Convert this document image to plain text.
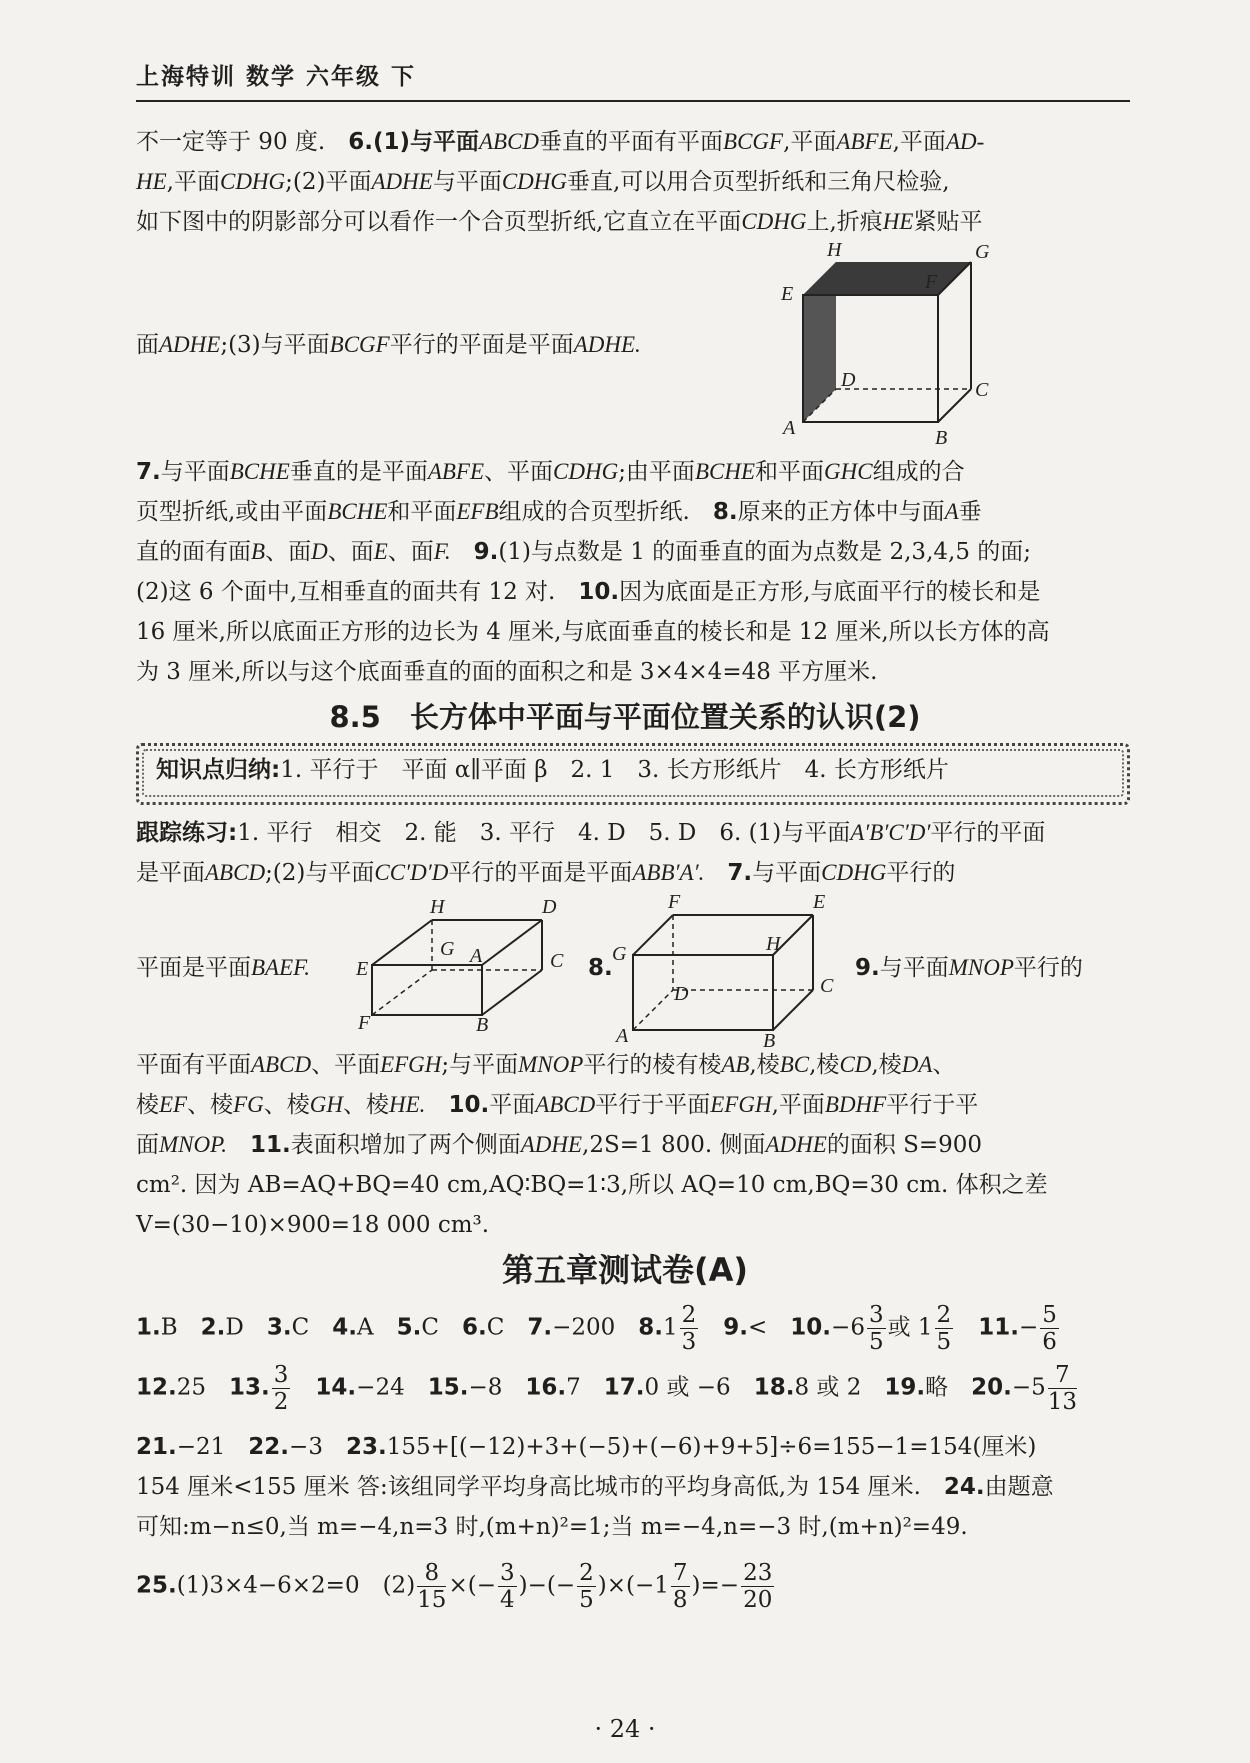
上海特训 数学 六年级 下
不一定等于 90 度.　 6.(1)与平面ABCD垂直的平面有平面BCGF,平面ABFE,平面AD-
HE,平面CDHG;(2)平面ADHE与平面CDHG垂直,可以用合页型折纸和三角尺检验,
如下图中的阴影部分可以看作一个合页型折纸,它直立在平面CDHG上,折痕HE紧贴平
面ADHE;(3)与平面BCGF平行的平面是平面ADHE.
H	G
E
F
D	C
A	B
7.与平面BCHE垂直的是平面ABFE、平面CDHG;由平面BCHE和平面GHC组成的合
页型折纸,或由平面BCHE和平面EFB组成的合页型折纸.　 8.原来的正方体中与面A垂
直的面有面B、面D、面E、面F.　 9.(1)与点数是 1 的面垂直的面为点数是 2,3,4,5 的面;
(2)这 6 个面中,互相垂直的面共有 12 对.　 10.因为底面是正方形,与底面平行的棱长和是
16 厘米,所以底面正方形的边长为 4 厘米,与底面垂直的棱长和是 12 厘米,所以长方体的高
为 3 厘米,所以与这个底面垂直的面的面积之和是 3×4×4=48 平方厘米.
8.5　长方体中平面与平面位置关系的认识(2)
知识点归纳:1. 平行于　平面 α∥平面 β　2. 1　3. 长方形纸片　4. 长方形纸片
跟踪练习:1. 平行　相交　2. 能　3. 平行　4. D　5. D　6. (1)与平面A′B′C′D′平行的平面
是平面ABCD;(2)与平面CC′D′D平行的平面是平面ABB′A′.　 7.与平面CDHG平行的
平面是平面BAEF.	8.	9.与平面MNOP平行的
H	D
G A	C
E
F	B
F	E
G	H
D	C
A	B
平面有平面ABCD、平面EFGH;与平面MNOP平行的棱有棱AB,棱BC,棱CD,棱DA、
棱EF、棱FG、棱GH、棱HE.　 10.平面ABCD平行于平面EFGH,平面BDHF平行于平
面MNOP.　 11.表面积增加了两个侧面ADHE,2S=1 800. 侧面ADHE的面积 S=900
cm². 因为 AB=AQ+BQ=40 cm,AQ∶BQ=1∶3,所以 AQ=10 cm,BQ=30 cm. 体积之差
V=(30−10)×900=18 000 cm³.
第五章测试卷(A)
1.B　 2.D　 3.C　 4.A　 5.C　 6.C　 7.−200　 $8.1 \frac{2}{3}$
　 9.<　 $10.-6 \frac{3}{5}$ 或 $1 \frac{2}{5}$
　 $11.- \frac{5}{6}$
12.25　 13. $\frac{3}{2}$
　 14.−24　 15.−8　 16.7　 17.0 或 −6　 18.8 或 2　 19.略　 $20.-5 \frac{7}{13}$
21.−21　 22.−3　 23.155+[(−12)+3+(−5)+(−6)+9+5]÷6=155−1=154(厘米)
154 厘米<155 厘米 答:该组同学平均身高比城市的平均身高低,为 154 厘米.　 24.由题意
可知:m−n≤0,当 m=−4,n=3 时,(m+n)²=1;当 m=−4,n=−3 时,(m+n)²=49.
25.(1)3×4−6×2=0　$(2) \frac{8}{15}$ ×(− $\frac{3}{4}$ )−(− $\frac{2}{5} )\times(-1 \frac{7}{8}$ )=− $\frac{23}{20}$
· 24 ·
